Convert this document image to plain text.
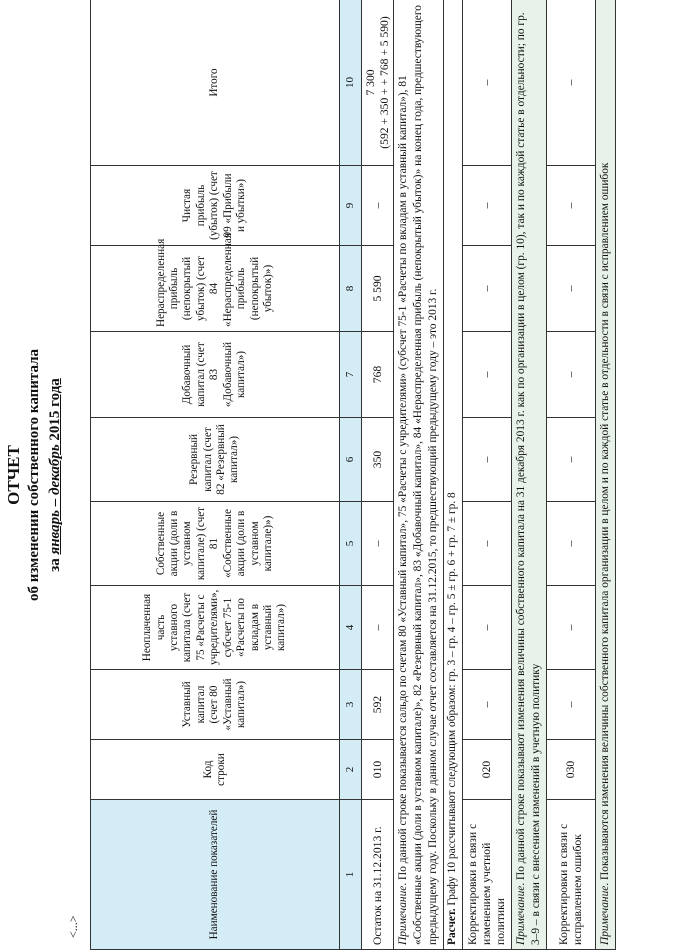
ОТЧЕТ об изменении собственного капитала за январь – декабрь 2015 года
<...>	Наименование показателей	Код строки	Уставный капитал (счет 80 «Уставный капитал»)	Неоплаченная часть уставного капитала (счет 75 «Расчеты с учредителями», субсчет 75-1 «Расчеты по вкладам в уставный капитал»)	Собственные акции (доли в уставном капитале) (счет 81 «Собственные акции (доли в уставном капитале)»)	Резервный капитал (счет 82 «Резервный капитал»)	Добавочный капитал (счет 83 «Добавочный капитал»)	Нераспределенная прибыль (непокрытый убыток) (счет 84 «Нераспределенная прибыль (непокрытый убыток)»)	Чистая прибыль (убыток) (счет 99 «Прибыли и убытки»)	Итого
1	2	3	4	5	6	7	8	9	10
Остаток на 31.12.2013 г.	010	592	–	–	350	768	5 590	–	7 300 (592 + 350 + + 768 + 5 590)

Примечание. По данной строке показывается сальдо по счетам 80 «Уставный капитал», 75 «Расчеты с учредителями» (субсчет 75-1 «Расчеты по вкладам в уставный капитал»), 81 «Собственные акции (доли в уставном капитале)», 82 «Резервный капитал», 83 «Добавочный капитал», 84 «Нераспределенная прибыль (непокрытый убыток)» на конец года, предшествующего предыдущему году. Поскольку в данном случае отчет составляется на 31.12.2015, то предшествующий предыдущему году – это 2013 г.									
Расчет. Графу 10 рассчитывают следующим образом: гр. 3 – гр. 4 – гр. 5 ± гр. 6 + гр. 7 ± гр. 8									
Корректировки в связи с изменением учетной политики	020	–	–	–	–	–	–	–	–
Примечание. По данной строке показывают изменения величины собственного капитала на 31 декабря 2013 г. как по организации в целом (гр. 10), так и по каждой статье в отдельности; по гр. 3–9 – в связи с внесением изменений в учетную политику									
Корректировки в связи с исправлением ошибок	030	–	–	–	–	–	–	–	–
Примечание. Показываются изменения величины собственного капитала организации в целом и по каждой статье в отдельности в связи с исправлением ошибок									
